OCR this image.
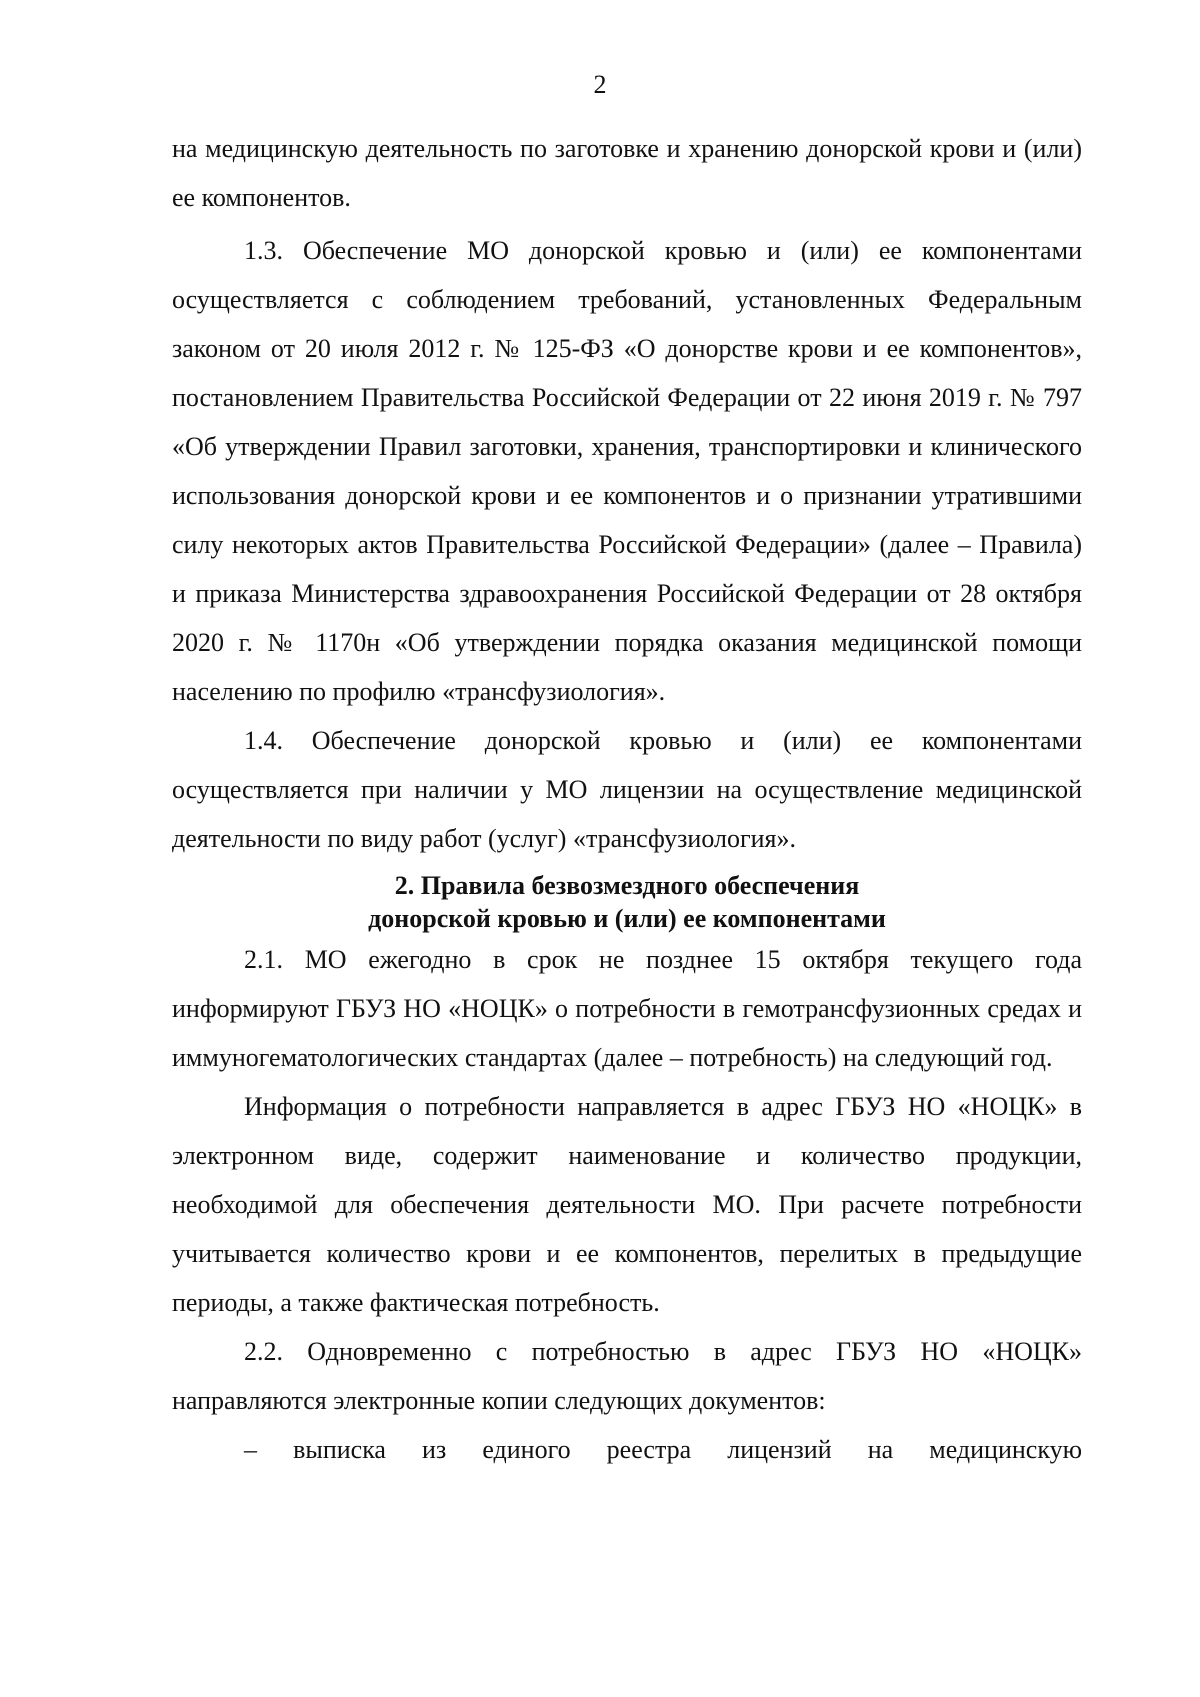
2

на медицинскую деятельность по заготовке и хранению донорской крови и (или) ее компонентов.

1.3. Обеспечение МО донорской кровью и (или) ее компонентами осуществляется с соблюдением требований, установленных Федеральным законом от 20 июля 2012 г. № 125-ФЗ «О донорстве крови и ее компонентов», постановлением Правительства Российской Федерации от 22 июня 2019 г. № 797 «Об утверждении Правил заготовки, хранения, транспортировки и клинического использования донорской крови и ее компонентов и о признании утратившими силу некоторых актов Правительства Российской Федерации» (далее – Правила) и приказа Министерства здравоохранения Российской Федерации от 28 октября 2020 г. № 1170н «Об утверждении порядка оказания медицинской помощи населению по профилю «трансфузиология».

1.4. Обеспечение донорской кровью и (или) ее компонентами осуществляется при наличии у МО лицензии на осуществление медицинской деятельности по виду работ (услуг) «трансфузиология».

2. Правила безвозмездного обеспечения
донорской кровью и (или) ее компонентами

2.1. МО ежегодно в срок не позднее 15 октября текущего года информируют ГБУЗ НО «НОЦК» о потребности в гемотрансфузионных средах и иммуногематологических стандартах (далее – потребность) на следующий год.

Информация о потребности направляется в адрес ГБУЗ НО «НОЦК» в электронном виде, содержит наименование и количество продукции, необходимой для обеспечения деятельности МО. При расчете потребности учитывается количество крови и ее компонентов, перелитых в предыдущие периоды, а также фактическая потребность.

2.2. Одновременно с потребностью в адрес ГБУЗ НО «НОЦК» направляются электронные копии следующих документов:

– выписка из единого реестра лицензий на медицинскую
